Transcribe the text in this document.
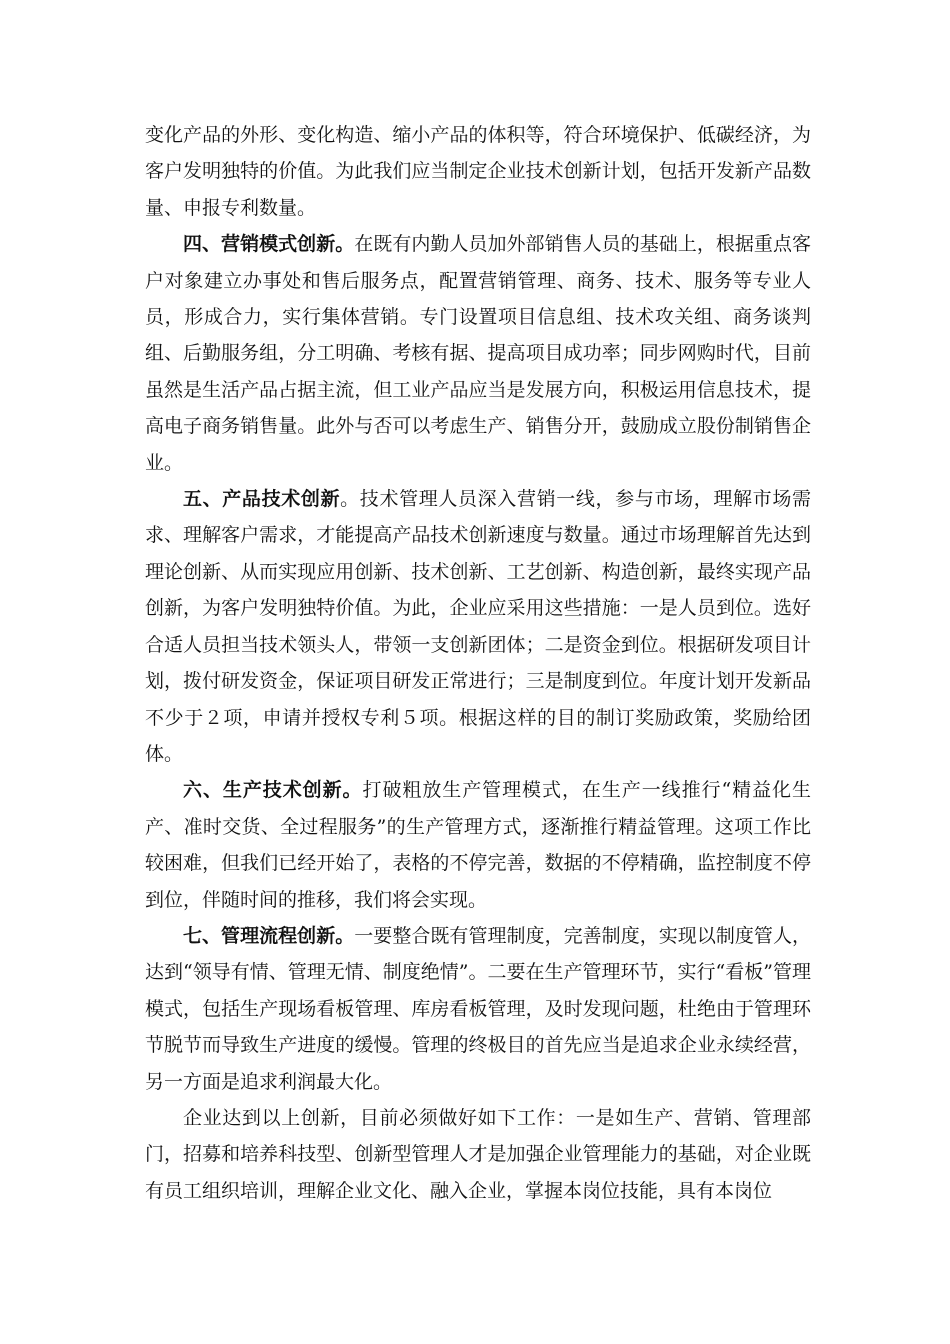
变化产品的外形、变化构造、缩小产品的体积等，符合环境保护、低碳经济，为客户发明独特的价值。为此我们应当制定企业技术创新计划，包括开发新产品数量、申报专利数量。

四、营销模式创新。在既有内勤人员加外部销售人员的基础上，根据重点客户对象建立办事处和售后服务点，配置营销管理、商务、技术、服务等专业人员，形成合力，实行集体营销。专门设置项目信息组、技术攻关组、商务谈判组、后勤服务组，分工明确、考核有据、提高项目成功率；同步网购时代，目前虽然是生活产品占据主流，但工业产品应当是发展方向，积极运用信息技术，提高电子商务销售量。此外与否可以考虑生产、销售分开，鼓励成立股份制销售企业。

五、产品技术创新。技术管理人员深入营销一线，参与市场，理解市场需求、理解客户需求，才能提高产品技术创新速度与数量。通过市场理解首先达到理论创新、从而实现应用创新、技术创新、工艺创新、构造创新，最终实现产品创新，为客户发明独特价值。为此，企业应采用这些措施：一是人员到位。选好合适人员担当技术领头人，带领一支创新团体；二是资金到位。根据研发项目计划，拨付研发资金，保证项目研发正常进行；三是制度到位。年度计划开发新品不少于２项，申请并授权专利５项。根据这样的目的制订奖励政策，奖励给团体。

六、生产技术创新。打破粗放生产管理模式，在生产一线推行“精益化生产、准时交货、全过程服务”的生产管理方式，逐渐推行精益管理。这项工作比较困难，但我们已经开始了，表格的不停完善，数据的不停精确，监控制度不停到位，伴随时间的推移，我们将会实现。

七、管理流程创新。一要整合既有管理制度，完善制度，实现以制度管人，达到“领导有情、管理无情、制度绝情”。二要在生产管理环节，实行“看板”管理模式，包括生产现场看板管理、库房看板管理，及时发现问题，杜绝由于管理环节脱节而导致生产进度的缓慢。管理的终极目的首先应当是追求企业永续经营，另一方面是追求利润最大化。

企业达到以上创新，目前必须做好如下工作：一是如生产、营销、管理部门，招募和培养科技型、创新型管理人才是加强企业管理能力的基础，对企业既有员工组织培训，理解企业文化、融入企业，掌握本岗位技能，具有本岗位
